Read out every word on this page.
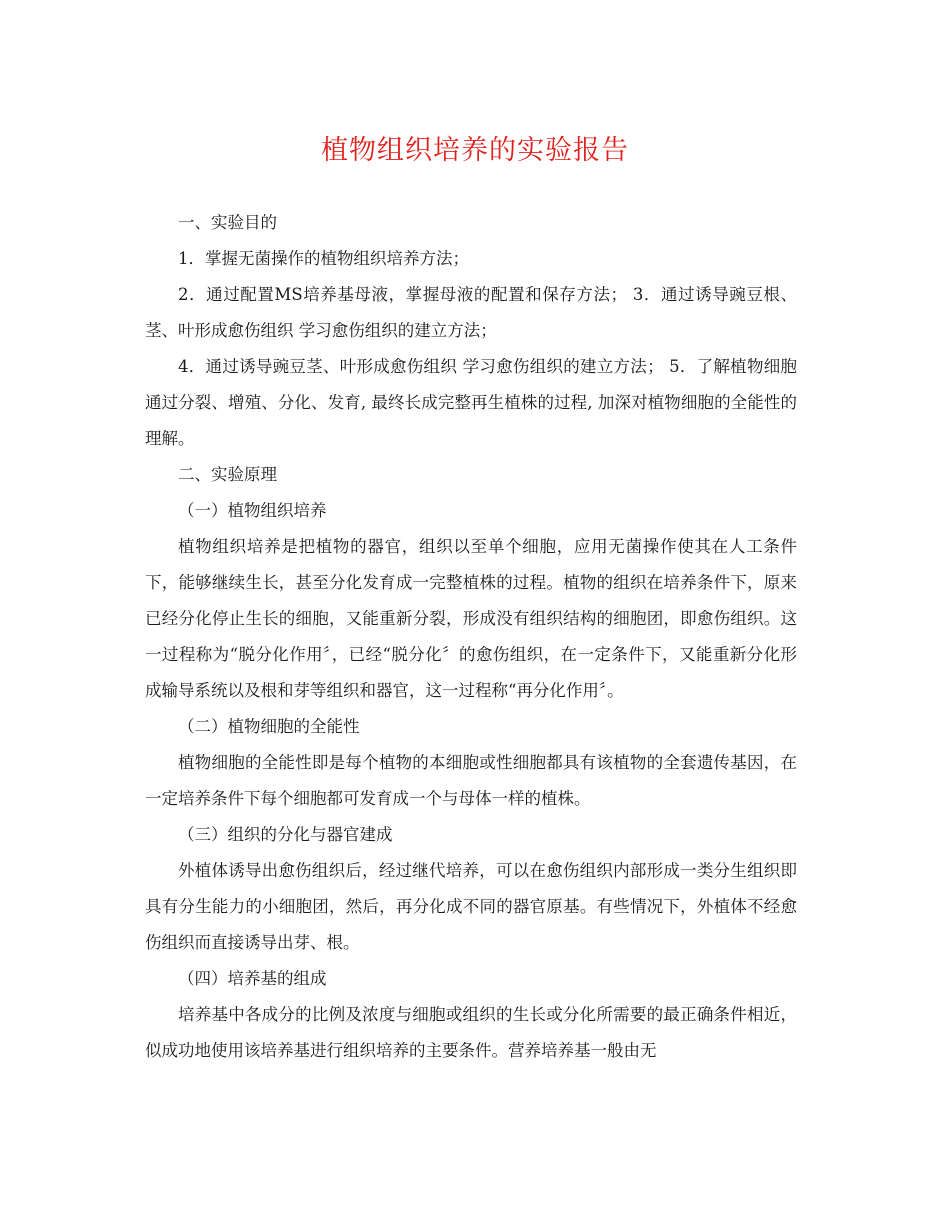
植物组织培养的实验报告

一、实验目的

1．掌握无菌操作的植物组织培养方法；

2．通过配置MS培养基母液，掌握母液的配置和保存方法； 3．通过诱导豌豆根、茎、叶形成愈伤组织 学习愈伤组织的建立方法；

4．通过诱导豌豆茎、叶形成愈伤组织 学习愈伤组织的建立方法； 5．了解植物细胞通过分裂、增殖、分化、发育, 最终长成完整再生植株的过程, 加深对植物细胞的全能性的理解。

二、实验原理

（一）植物组织培养

植物组织培养是把植物的器官，组织以至单个细胞，应用无菌操作使其在人工条件下，能够继续生长，甚至分化发育成一完整植株的过程。植物的组织在培养条件下，原来已经分化停止生长的细胞，又能重新分裂，形成没有组织结构的细胞团，即愈伤组织。这一过程称为“脱分化作用〞，已经“脱分化〞的愈伤组织，在一定条件下，又能重新分化形成输导系统以及根和芽等组织和器官，这一过程称“再分化作用〞。

（二）植物细胞的全能性

植物细胞的全能性即是每个植物的本细胞或性细胞都具有该植物的全套遗传基因，在一定培养条件下每个细胞都可发育成一个与母体一样的植株。

（三）组织的分化与器官建成

外植体诱导出愈伤组织后，经过继代培养，可以在愈伤组织内部形成一类分生组织即具有分生能力的小细胞团，然后，再分化成不同的器官原基。有些情况下，外植体不经愈伤组织而直接诱导出芽、根。

（四）培养基的组成

培养基中各成分的比例及浓度与细胞或组织的生长或分化所需要的最正确条件相近，似成功地使用该培养基进行组织培养的主要条件。营养培养基一般由无
